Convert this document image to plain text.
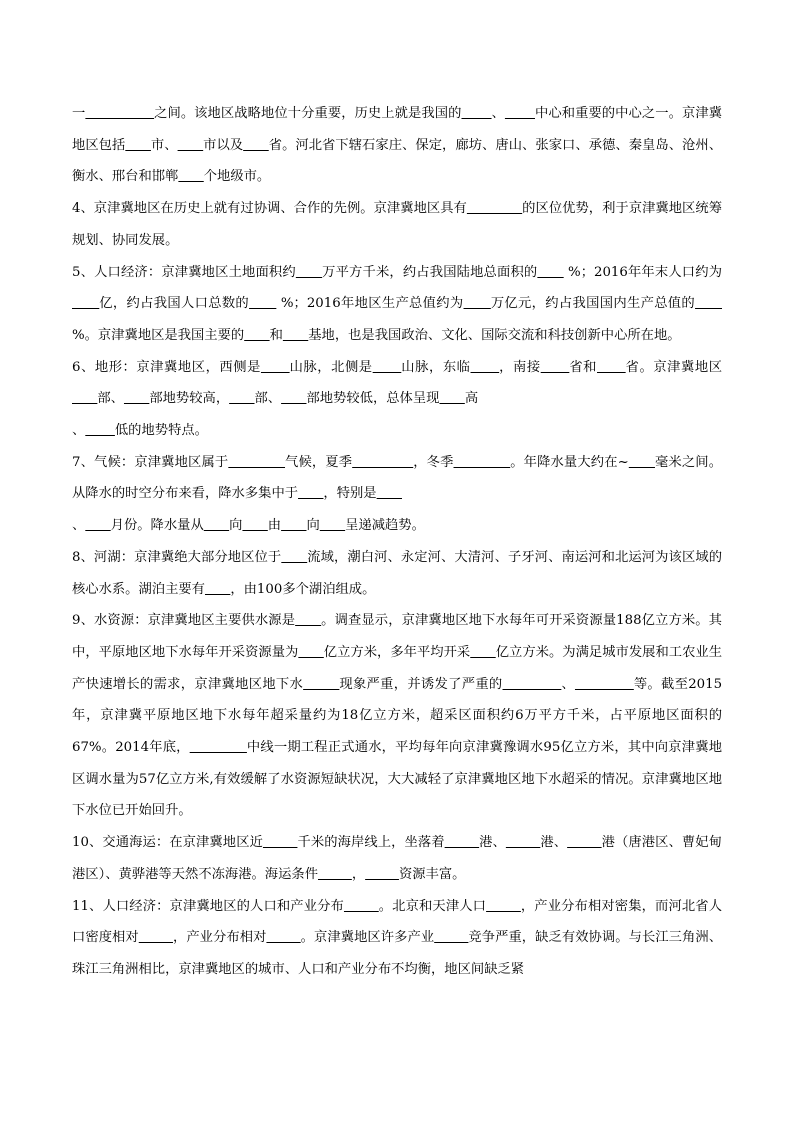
一	之间。该地区战略地位十分重要，历史上就是我国的 、 中心和重要的中心之一。京津冀地区包括 市、 市以及 省。河北省下辖石家庄、保定，廊坊、唐山、张家口、承德、秦皇岛、沧州、衡水、邢台和邯郸 个地级市。

4、京津冀地区在历史上就有过协调、合作的先例。京津冀地区具有	的区位优势，利于京津冀地区统筹规划、协同发展。

5、人口经济：京津冀地区土地面积约 万平方千米，约占我国陆地总面积的       %；2016年年末人口约为      亿，约占我国人口总数的       %；2016年地区生产总值约为 万亿元，约占我国国内生产总值的       %。京津冀地区是我国主要的 和 基地，也是我国政治、文化、国际交流和科技创新中心所在地。

6、地形：京津冀地区，西侧是 山脉，北侧是 山脉，东临 ，南接 省和 省。京津冀地区      部、 部地势较高， 部、 部地势较低，总体呈现 高
、 低的地势特点。

7、气候：京津冀地区属于	气候，夏季	，冬季	。年降水量大约在~ 毫米之间。从降水的时空分布来看，降水多集中于 ，特别是
、 月份。降水量从 向 由 向 呈递减趋势。

8、河湖：京津冀绝大部分地区位于 流域，潮白河、永定河、大清河、子牙河、南运河和北运河为该区域的核心水系。湖泊主要有 ，由100多个湖泊组成。

9、水资源：京津冀地区主要供水源是 。调查显示，京津冀地区地下水每年可开采资源量188亿立方米。其中，平原地区地下水每年开采资源量为 亿立方米，多年平均开采 亿立方米。为满足城市发展和工农业生产快速增长的需求，京津冀地区地下水	现象严重，并诱发了严重的	、	等。截至2015年，京津冀平原地区地下水每年超采量约为18亿立方米，超采区面积约6万平方千米，占平原地区面积的67%。2014年底，	中线一期工程正式通水，平均每年向京津冀豫调水95亿立方米，其中向京津冀地区调水量为57亿立方米,有效缓解了水资源短缺状况，大大减轻了京津冀地区地下水超采的情况。京津冀地区地下水位已开始回升。

10、交通海运：在京津冀地区近	千米的海岸线上，坐落着	港、	港、	港（唐港区、曹妃甸港区）、黄骅港等天然不冻海港。海运条件	，	资源丰富。

11、人口经济：京津冀地区的人口和产业分布	。北京和天津人口	，产业分布相对密集，而河北省人口密度相对	，产业分布相对	。京津冀地区许多产业	竞争严重，缺乏有效协调。与长江三角洲、珠江三角洲相比，京津冀地区的城市、人口和产业分布不均衡，地区间缺乏紧
